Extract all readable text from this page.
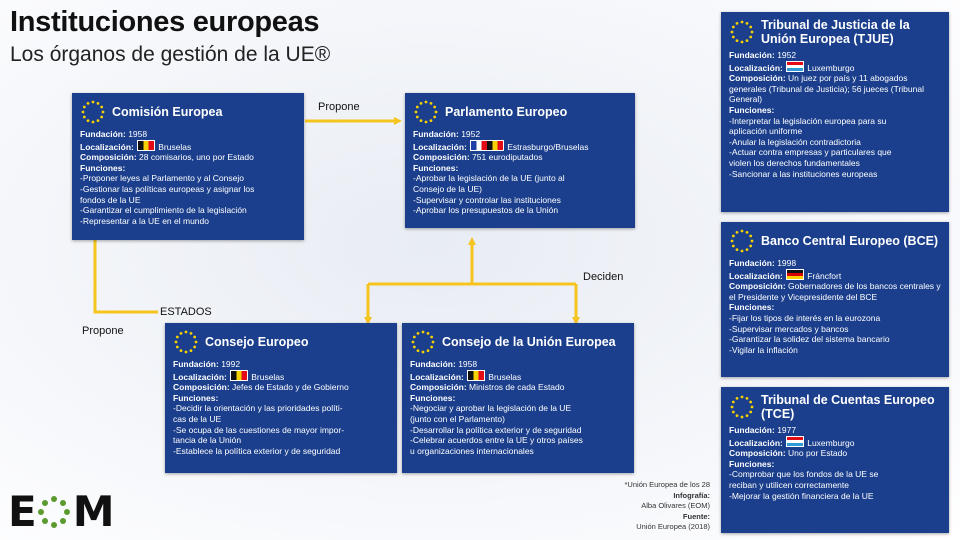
Instituciones europeas
Los órganos de gestión de la UE®
Propone
Propone
ESTADOS
Deciden
Comisión Europea
Fundación: 1958
Localización:	Bruselas
Composición: 28 comisarios, uno por Estado
Funciones:
-Proponer leyes al Parlamento y al Consejo
-Gestionar las políticas europeas y asignar los
fondos de la UE
-Garantizar el cumplimiento de la legislación
-Representar a la UE en el mundo
Parlamento Europeo
Fundación: 1952
Localización:	Estrasburgo/Bruselas
Composición: 751 eurodiputados
Funciones:
-Aprobar la legislación de la UE (junto al
Consejo de la UE)
-Supervisar y controlar las instituciones
-Aprobar los presupuestos de la Unión
Consejo Europeo
Fundación: 1992
Localización:	Bruselas
Composición: Jefes de Estado y de Gobierno
Funciones:
-Decidir la orientación y las prioridades políti-
cas de la UE
-Se ocupa de las cuestiones de mayor impor-
tancia de la Unión
-Establece la política exterior y de seguridad
Consejo de la Unión Europea
Fundación: 1958
Localización:	Bruselas
Composición: Ministros de cada Estado
Funciones:
-Negociar y aprobar la legislación de la UE
(junto con el Parlamento)
-Desarrollar la política exterior y de seguridad
-Celebrar acuerdos entre la UE y otros países
u organizaciones internacionales
Tribunal de Justicia de la Unión Europea (TJUE)
Fundación: 1952
Localización:	Luxemburgo
Composición: Un juez por país y 11 abogados generales (Tribunal de Justicia); 56 jueces (Tribunal General)
Funciones:
-Interpretar la legislación europea para su
aplicación uniforme
-Anular la legislación contradictoria
-Actuar contra empresas y particulares que
violen los derechos fundamentales
-Sancionar a las instituciones europeas
Banco Central Europeo (BCE)
Fundación: 1998
Localización:	Fráncfort
Composición: Gobernadores de los bancos centrales y el Presidente y Vicepresidente del BCE
Funciones:
-Fijar los tipos de interés en la eurozona
-Supervisar mercados y bancos
-Garantizar la solidez del sistema bancario
-Vigilar la inflación
Tribunal de Cuentas Europeo (TCE)
Fundación: 1977
Localización:	Luxemburgo
Composición: Uno por Estado
Funciones:
-Comprobar que los fondos de la UE se
reciban y utilicen correctamente
-Mejorar la gestión financiera de la UE
E M
*Unión Europea de los 28
Infografía:
Alba Olivares (EOM)
Fuente:
Unión Europea (2018)
